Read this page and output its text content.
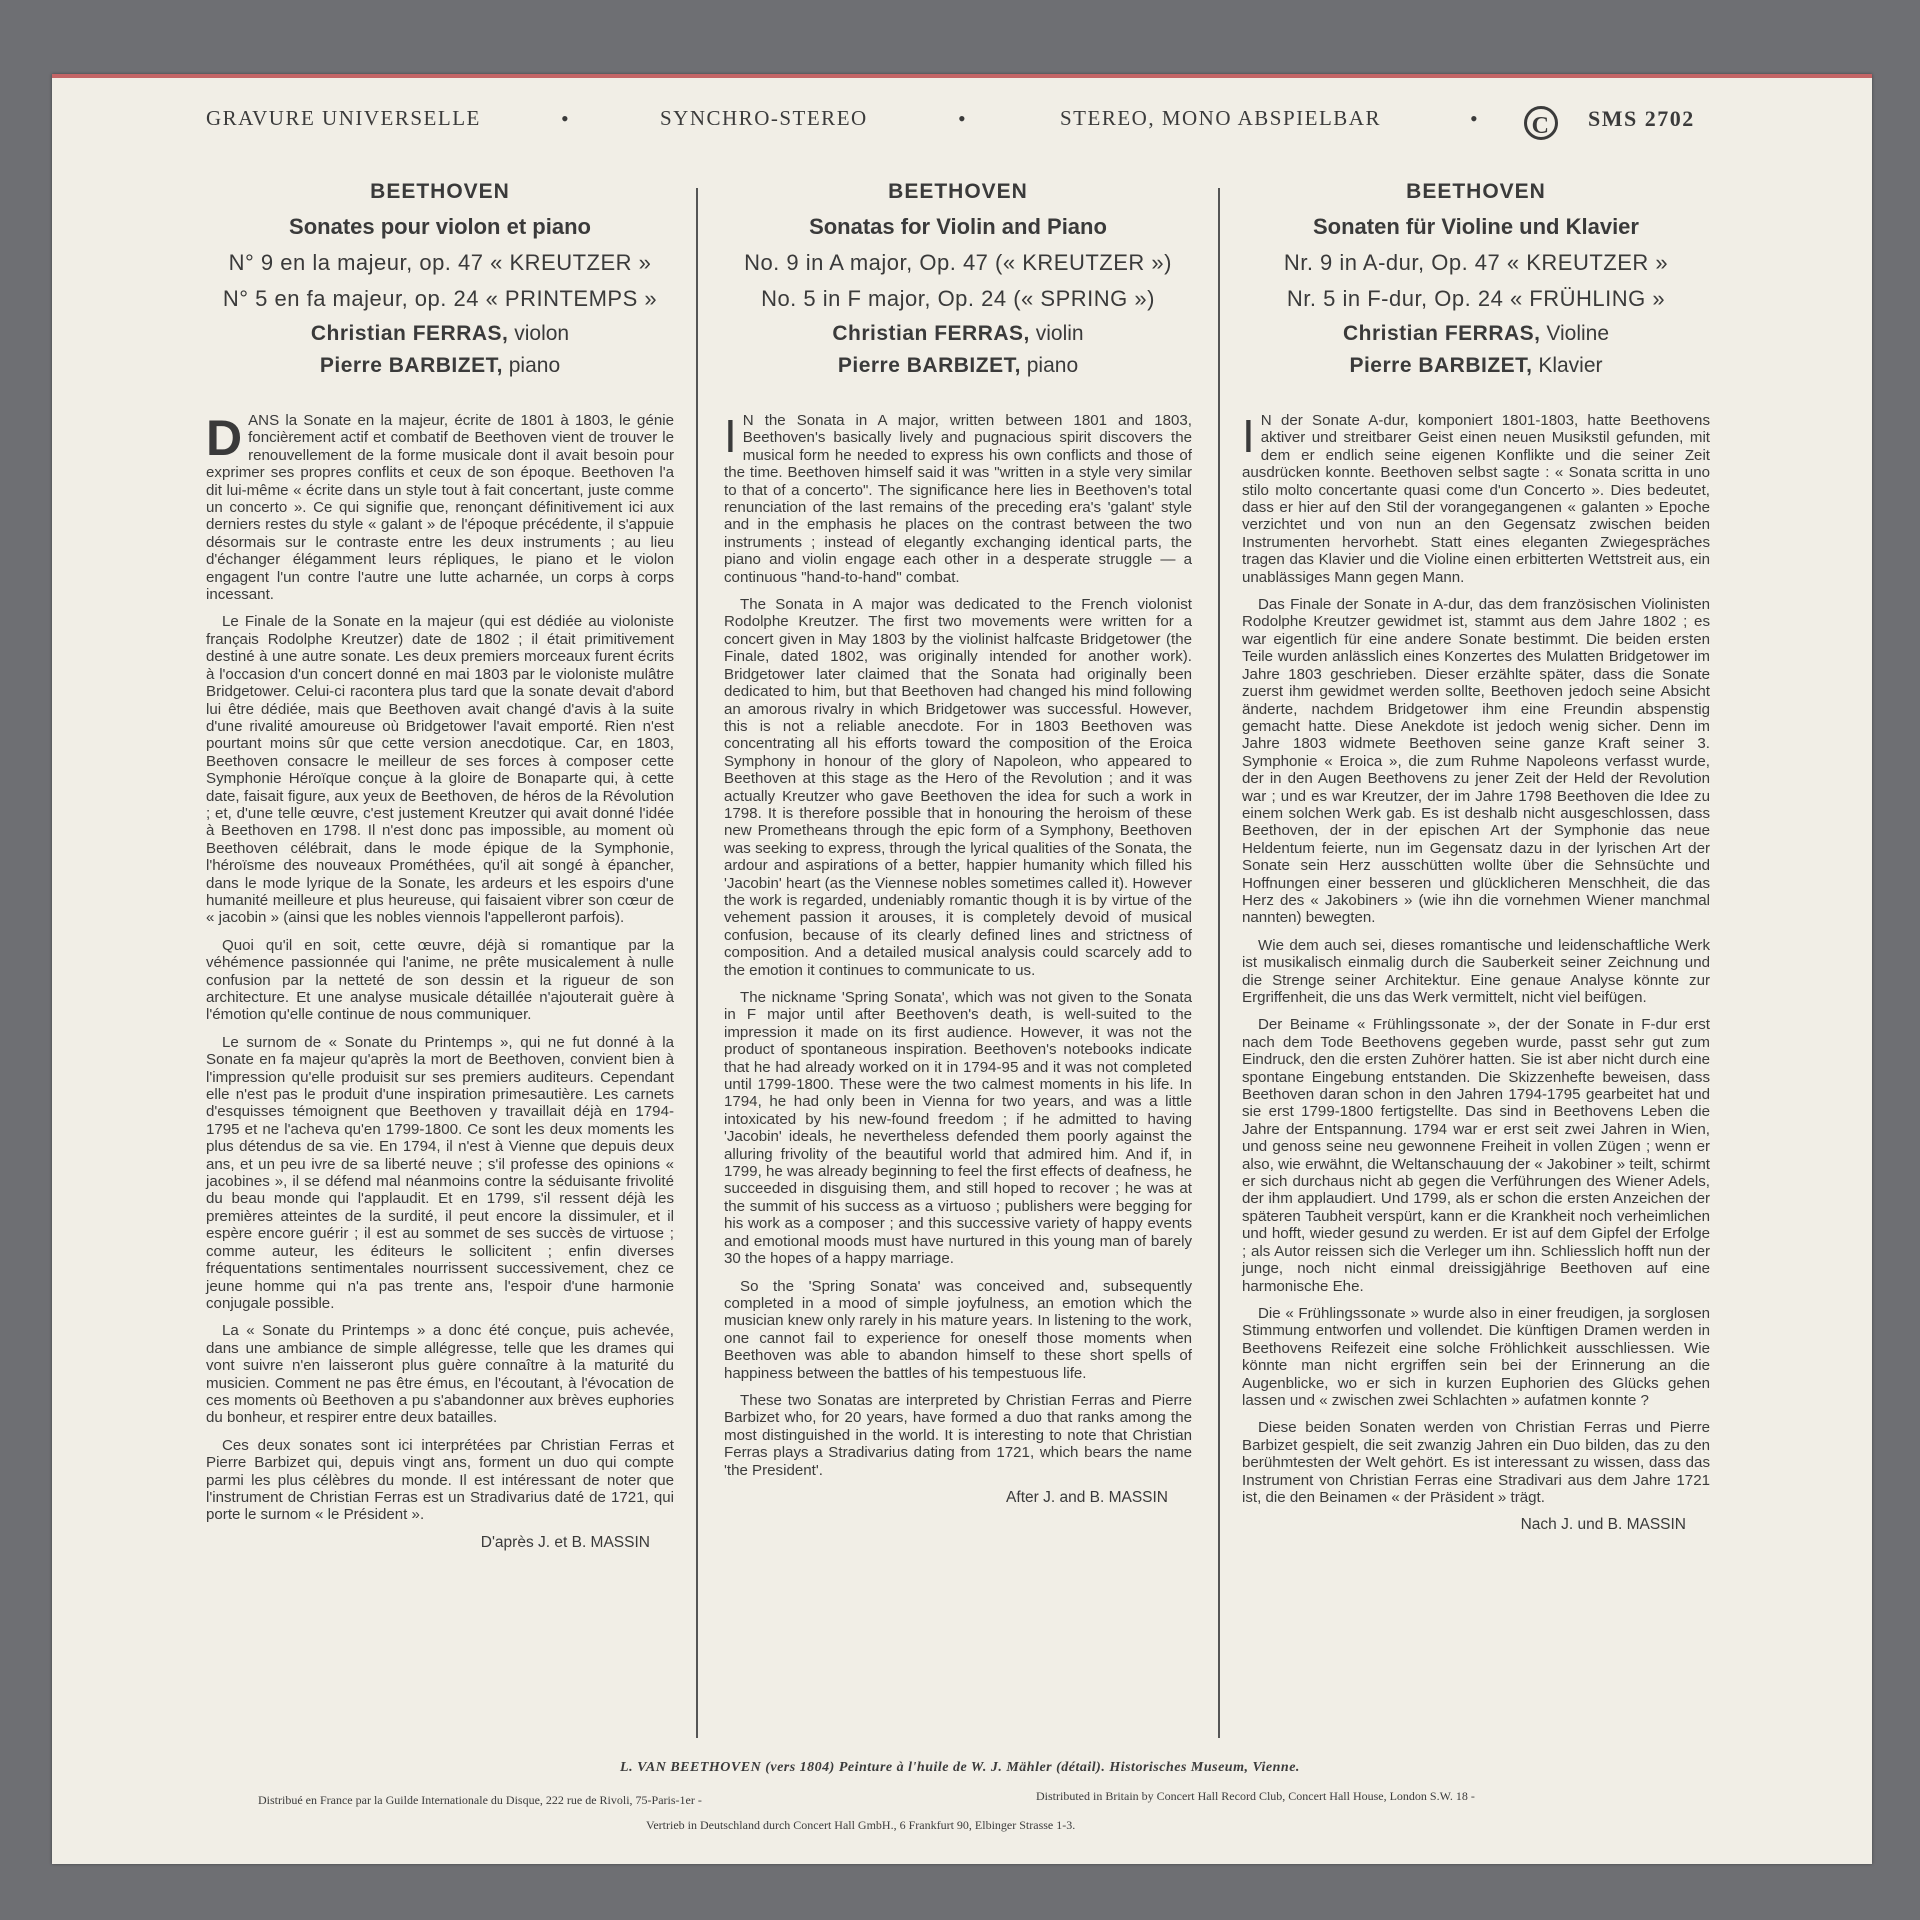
GRAVURE UNIVERSELLE	•	SYNCHRO-STEREO	•	STEREO, MONO ABSPIELBAR	•	C	SMS 2702
BEETHOVEN
Sonates pour violon et piano
N° 9 en la majeur, op. 47 « KREUTZER »
N° 5 en fa majeur, op. 24 « PRINTEMPS »
Christian FERRAS, violon
Pierre BARBIZET, piano

DANS la Sonate en la majeur, écrite de 1801 à 1803, le génie foncièrement actif et combatif de Beethoven vient de trouver le renouvellement de la forme musicale dont il avait besoin pour exprimer ses propres conflits et ceux de son époque. Beethoven l'a dit lui-même « écrite dans un style tout à fait concertant, juste comme un concerto ». Ce qui signifie que, renonçant définitivement ici aux derniers restes du style « galant » de l'époque précédente, il s'appuie désormais sur le contraste entre les deux instruments ; au lieu d'échanger élégamment leurs répliques, le piano et le violon engagent l'un contre l'autre une lutte acharnée, un corps à corps incessant.

Le Finale de la Sonate en la majeur (qui est dédiée au violoniste français Rodolphe Kreutzer) date de 1802 ; il était primitivement destiné à une autre sonate. Les deux premiers morceaux furent écrits à l'occasion d'un concert donné en mai 1803 par le violoniste mulâtre Bridgetower. Celui-ci racontera plus tard que la sonate devait d'abord lui être dédiée, mais que Beethoven avait changé d'avis à la suite d'une rivalité amoureuse où Bridgetower l'avait emporté. Rien n'est pourtant moins sûr que cette version anecdotique. Car, en 1803, Beethoven consacre le meilleur de ses forces à composer cette Symphonie Héroïque conçue à la gloire de Bonaparte qui, à cette date, faisait figure, aux yeux de Beethoven, de héros de la Révolution ; et, d'une telle œuvre, c'est justement Kreutzer qui avait donné l'idée à Beethoven en 1798. Il n'est donc pas impossible, au moment où Beethoven célébrait, dans le mode épique de la Symphonie, l'héroïsme des nouveaux Prométhées, qu'il ait songé à épancher, dans le mode lyrique de la Sonate, les ardeurs et les espoirs d'une humanité meilleure et plus heureuse, qui faisaient vibrer son cœur de « jacobin » (ainsi que les nobles viennois l'appelleront parfois).

Quoi qu'il en soit, cette œuvre, déjà si romantique par la véhémence passionnée qui l'anime, ne prête musicalement à nulle confusion par la netteté de son dessin et la rigueur de son architecture. Et une analyse musicale détaillée n'ajouterait guère à l'émotion qu'elle continue de nous communiquer.

Le surnom de « Sonate du Printemps », qui ne fut donné à la Sonate en fa majeur qu'après la mort de Beethoven, convient bien à l'impression qu'elle produisit sur ses premiers auditeurs. Cependant elle n'est pas le produit d'une inspiration primesautière. Les carnets d'esquisses témoignent que Beethoven y travaillait déjà en 1794-1795 et ne l'acheva qu'en 1799-1800. Ce sont les deux moments les plus détendus de sa vie. En 1794, il n'est à Vienne que depuis deux ans, et un peu ivre de sa liberté neuve ; s'il professe des opinions « jacobines », il se défend mal néanmoins contre la séduisante frivolité du beau monde qui l'applaudit. Et en 1799, s'il ressent déjà les premières atteintes de la surdité, il peut encore la dissimuler, et il espère encore guérir ; il est au sommet de ses succès de virtuose ; comme auteur, les éditeurs le sollicitent ; enfin diverses fréquentations sentimentales nourrissent successivement, chez ce jeune homme qui n'a pas trente ans, l'espoir d'une harmonie conjugale possible.

La « Sonate du Printemps » a donc été conçue, puis achevée, dans une ambiance de simple allégresse, telle que les drames qui vont suivre n'en laisseront plus guère connaître à la maturité du musicien. Comment ne pas être émus, en l'écoutant, à l'évocation de ces moments où Beethoven a pu s'abandonner aux brèves euphories du bonheur, et respirer entre deux batailles.

Ces deux sonates sont ici interprétées par Christian Ferras et Pierre Barbizet qui, depuis vingt ans, forment un duo qui compte parmi les plus célèbres du monde. Il est intéressant de noter que l'instrument de Christian Ferras est un Stradivarius daté de 1721, qui porte le surnom « le Président ».

D'après J. et B. MASSIN
BEETHOVEN
Sonatas for Violin and Piano
No. 9 in A major, Op. 47 (« KREUTZER »)
No. 5 in F major, Op. 24 (« SPRING »)
Christian FERRAS, violin
Pierre BARBIZET, piano

I N the Sonata in A major, written between 1801 and 1803, Beethoven's basically lively and pugnacious spirit discovers the musical form he needed to express his own conflicts and those of the time. Beethoven himself said it was "written in a style very similar to that of a concerto". The significance here lies in Beethoven's total renunciation of the last remains of the preceding era's 'galant' style and in the emphasis he places on the contrast between the two instruments ; instead of elegantly exchanging identical parts, the piano and violin engage each other in a desperate struggle — a continuous "hand-to-hand" combat.

The Sonata in A major was dedicated to the French violonist Rodolphe Kreutzer. The first two movements were written for a concert given in May 1803 by the violinist halfcaste Bridgetower (the Finale, dated 1802, was originally intended for another work). Bridgetower later claimed that the Sonata had originally been dedicated to him, but that Beethoven had changed his mind following an amorous rivalry in which Bridgetower was successful. However, this is not a reliable anecdote. For in 1803 Beethoven was concentrating all his efforts toward the composition of the Eroica Symphony in honour of the glory of Napoleon, who appeared to Beethoven at this stage as the Hero of the Revolution ; and it was actually Kreutzer who gave Beethoven the idea for such a work in 1798. It is therefore possible that in honouring the heroism of these new Prometheans through the epic form of a Symphony, Beethoven was seeking to express, through the lyrical qualities of the Sonata, the ardour and aspirations of a better, happier humanity which filled his 'Jacobin' heart (as the Viennese nobles sometimes called it). However the work is regarded, undeniably romantic though it is by virtue of the vehement passion it arouses, it is completely devoid of musical confusion, because of its clearly defined lines and strictness of composition. And a detailed musical analysis could scarcely add to the emotion it continues to communicate to us.

The nickname 'Spring Sonata', which was not given to the Sonata in F major until after Beethoven's death, is well-suited to the impression it made on its first audience. However, it was not the product of spontaneous inspiration. Beethoven's notebooks indicate that he had already worked on it in 1794-95 and it was not completed until 1799-1800. These were the two calmest moments in his life. In 1794, he had only been in Vienna for two years, and was a little intoxicated by his new-found freedom ; if he admitted to having 'Jacobin' ideals, he nevertheless defended them poorly against the alluring frivolity of the beautiful world that admired him. And if, in 1799, he was already beginning to feel the first effects of deafness, he succeeded in disguising them, and still hoped to recover ; he was at the summit of his success as a virtuoso ; publishers were begging for his work as a composer ; and this successive variety of happy events and emotional moods must have nurtured in this young man of barely 30 the hopes of a happy marriage.

So the 'Spring Sonata' was conceived and, subsequently completed in a mood of simple joyfulness, an emotion which the musician knew only rarely in his mature years. In listening to the work, one cannot fail to experience for oneself those moments when Beethoven was able to abandon himself to these short spells of happiness between the battles of his tempestuous life.

These two Sonatas are interpreted by Christian Ferras and Pierre Barbizet who, for 20 years, have formed a duo that ranks among the most distinguished in the world. It is interesting to note that Christian Ferras plays a Stradivarius dating from 1721, which bears the name 'the President'.

After J. and B. MASSIN
BEETHOVEN
Sonaten für Violine und Klavier
Nr. 9 in A-dur, Op. 47 « KREUTZER »
Nr. 5 in F-dur, Op. 24 « FRÜHLING »
Christian FERRAS, Violine
Pierre BARBIZET, Klavier

I N der Sonate A-dur, komponiert 1801-1803, hatte Beethovens aktiver und streitbarer Geist einen neuen Musikstil gefunden, mit dem er endlich seine eigenen Konflikte und die seiner Zeit ausdrücken konnte. Beethoven selbst sagte : « Sonata scritta in uno stilo molto concertante quasi come d'un Concerto ». Dies bedeutet, dass er hier auf den Stil der vorangegangenen « galanten » Epoche verzichtet und von nun an den Gegensatz zwischen beiden Instrumenten hervorhebt. Statt eines eleganten Zwiegespräches tragen das Klavier und die Violine einen erbitterten Wettstreit aus, ein unablässiges Mann gegen Mann.

Das Finale der Sonate in A-dur, das dem französischen Violinisten Rodolphe Kreutzer gewidmet ist, stammt aus dem Jahre 1802 ; es war eigentlich für eine andere Sonate bestimmt. Die beiden ersten Teile wurden anlässlich eines Konzertes des Mulatten Bridgetower im Jahre 1803 geschrieben. Dieser erzählte später, dass die Sonate zuerst ihm gewidmet werden sollte, Beethoven jedoch seine Absicht änderte, nachdem Bridgetower ihm eine Freundin abspenstig gemacht hatte. Diese Anekdote ist jedoch wenig sicher. Denn im Jahre 1803 widmete Beethoven seine ganze Kraft seiner 3. Symphonie « Eroica », die zum Ruhme Napoleons verfasst wurde, der in den Augen Beethovens zu jener Zeit der Held der Revolution war ; und es war Kreutzer, der im Jahre 1798 Beethoven die Idee zu einem solchen Werk gab. Es ist deshalb nicht ausgeschlossen, dass Beethoven, der in der epischen Art der Symphonie das neue Heldentum feierte, nun im Gegensatz dazu in der lyrischen Art der Sonate sein Herz ausschütten wollte über die Sehnsüchte und Hoffnungen einer besseren und glücklicheren Menschheit, die das Herz des « Jakobiners » (wie ihn die vornehmen Wiener manchmal nannten) bewegten.

Wie dem auch sei, dieses romantische und leidenschaftliche Werk ist musikalisch einmalig durch die Sauberkeit seiner Zeichnung und die Strenge seiner Architektur. Eine genaue Analyse könnte zur Ergriffenheit, die uns das Werk vermittelt, nicht viel beifügen.

Der Beiname « Frühlingssonate », der der Sonate in F-dur erst nach dem Tode Beethovens gegeben wurde, passt sehr gut zum Eindruck, den die ersten Zuhörer hatten. Sie ist aber nicht durch eine spontane Eingebung entstanden. Die Skizzenhefte beweisen, dass Beethoven daran schon in den Jahren 1794-1795 gearbeitet hat und sie erst 1799-1800 fertigstellte. Das sind in Beethovens Leben die Jahre der Entspannung. 1794 war er erst seit zwei Jahren in Wien, und genoss seine neu gewonnene Freiheit in vollen Zügen ; wenn er also, wie erwähnt, die Weltanschauung der « Jakobiner » teilt, schirmt er sich durchaus nicht ab gegen die Verführungen des Wiener Adels, der ihm applaudiert. Und 1799, als er schon die ersten Anzeichen der späteren Taubheit verspürt, kann er die Krankheit noch verheimlichen und hofft, wieder gesund zu werden. Er ist auf dem Gipfel der Erfolge ; als Autor reissen sich die Verleger um ihn. Schliesslich hofft nun der junge, noch nicht einmal dreissigjährige Beethoven auf eine harmonische Ehe.

Die « Frühlingssonate » wurde also in einer freudigen, ja sorglosen Stimmung entworfen und vollendet. Die künftigen Dramen werden in Beethovens Reifezeit eine solche Fröhlichkeit ausschliessen. Wie könnte man nicht ergriffen sein bei der Erinnerung an die Augenblicke, wo er sich in kurzen Euphorien des Glücks gehen lassen und « zwischen zwei Schlachten » aufatmen konnte ?

Diese beiden Sonaten werden von Christian Ferras und Pierre Barbizet gespielt, die seit zwanzig Jahren ein Duo bilden, das zu den berühmtesten der Welt gehört. Es ist interessant zu wissen, dass das Instrument von Christian Ferras eine Stradivari aus dem Jahre 1721 ist, die den Beinamen « der Präsident » trägt.

Nach J. und B. MASSIN
L. VAN BEETHOVEN (vers 1804) Peinture à l'huile de W. J. Mähler (détail). Historisches Museum, Vienne.
Distribué en France par la Guilde Internationale du Disque, 222 rue de Rivoli, 75-Paris-1er -	Distributed in Britain by Concert Hall Record Club, Concert Hall House, London S.W. 18 -
Vertrieb in Deutschland durch Concert Hall GmbH., 6 Frankfurt 90, Elbinger Strasse 1-3.
